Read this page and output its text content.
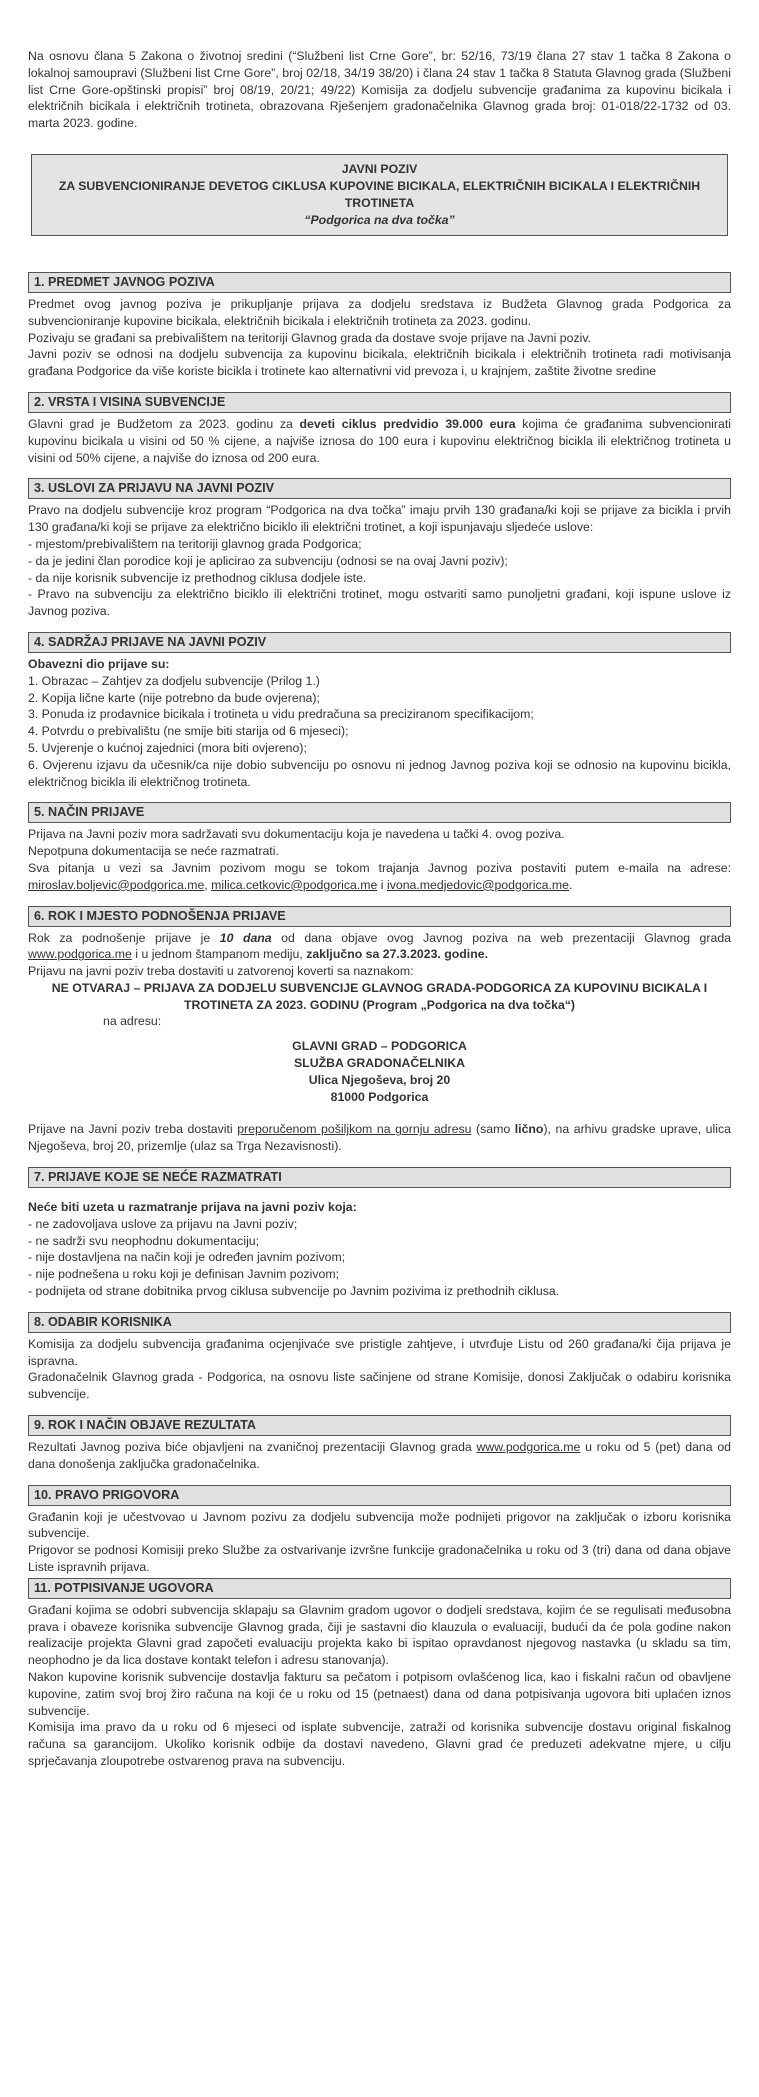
Na osnovu člana 5 Zakona o životnoj sredini (“Službeni list Crne Gore”, br: 52/16, 73/19 člana 27 stav 1 tačka 8 Zakona o lokalnoj samoupravi (Službeni list Crne Gore”, broj 02/18, 34/19 38/20) i člana 24 stav 1 tačka 8 Statuta Glavnog grada (Službeni list Crne Gore-opštinski propisi” broj 08/19, 20/21; 49/22) Komisija za dodjelu subvencije građanima za kupovinu bicikala i električnih bicikala i električnih trotineta, obrazovana Rješenjem gradonačelnika Glavnog grada broj: 01-018/22-1732 od 03. marta 2023. godine.

JAVNI POZIV
ZA SUBVENCIONIRANJE DEVETOG CIKLUSA KUPOVINE BICIKALA, ELEKTRIČNIH BICIKALA I ELEKTRIČNIH TROTINETA
“Podgorica na dva točka”
1. PREDMET JAVNOG POZIVA

Predmet ovog javnog poziva je prikupljanje prijava za dodjelu sredstava iz Budžeta Glavnog grada Podgorica za subvencioniranje kupovine bicikala, električnih bicikala i električnih trotineta za 2023. godinu.

Pozivaju se građani sa prebivalištem na teritoriji Glavnog grada da dostave svoje prijave na Javni poziv.

Javni poziv se odnosi na dodjelu subvencija za kupovinu bicikala, električnih bicikala i električnih trotineta radi motivisanja građana Podgorice da više koriste bicikla i trotinete kao alternativni vid prevoza i, u krajnjem, zaštite životne sredine

2. VRSTA I VISINA SUBVENCIJE

Glavni grad je Budžetom za 2023. godinu za deveti ciklus predvidio 39.000 eura kojima će građanima subvencionirati kupovinu bicikala u visini od 50 % cijene, a najviše iznosa do 100 eura i kupovinu električnog bicikla ili električnog trotineta u visini od 50% cijene, a najviše do iznosa od 200 eura.

3. USLOVI ZA PRIJAVU NA JAVNI POZIV

Pravo na dodjelu subvencije kroz program “Podgorica na dva točka” imaju prvih 130 građana/ki koji se prijave za bicikla i prvih 130 građana/ki koji se prijave za električno biciklo ili električni trotinet, a koji ispunjavaju sljedeće uslove:

- mjestom/prebivalištem na teritoriji glavnog grada Podgorica;

- da je jedini član porodice koji je aplicirao za subvenciju (odnosi se na ovaj Javni poziv);

- da nije korisnik subvencije iz prethodnog ciklusa dodjele iste.

- Pravo na subvenciju za električno biciklo ili električni trotinet, mogu ostvariti samo punoljetni građani, koji ispune uslove iz Javnog poziva.

4. SADRŽAJ PRIJAVE NA JAVNI POZIV

Obavezni dio prijave su:

1. Obrazac – Zahtjev za dodjelu subvencije (Prilog 1.)

2. Kopija lične karte (nije potrebno da bude ovjerena);

3. Ponuda iz prodavnice bicikala i trotineta u vidu predračuna sa preciziranom specifikacijom;

4. Potvrdu o prebivalištu (ne smije biti starija od 6 mjeseci);

5. Uvjerenje o kućnoj zajednici (mora biti ovjereno);

6. Ovjerenu izjavu da učesnik/ca nije dobio subvenciju po osnovu ni jednog Javnog poziva koji se odnosio na kupovinu bicikla, električnog bicikla ili električnog trotineta.

5. NAČIN PRIJAVE

Prijava na Javni poziv mora sadržavati svu dokumentaciju koja je navedena u tački 4. ovog poziva.

Nepotpuna dokumentacija se neće razmatrati.

Sva pitanja u vezi sa Javnim pozivom mogu se tokom trajanja Javnog poziva postaviti putem e-maila na adrese: miroslav.boljevic@podgorica.me, milica.cetkovic@podgorica.me i ivona.medjedovic@podgorica.me.

6. ROK I MJESTO PODNOŠENJA PRIJAVE

Rok za podnošenje prijave je 10 dana od dana objave ovog Javnog poziva na web prezentaciji Glavnog grada www.podgorica.me i u jednom štampanom mediju, zaključno sa 27.3.2023. godine.

Prijavu na javni poziv treba dostaviti u zatvorenoj koverti sa naznakom:

NE OTVARAJ – PRIJAVA ZA DODJELU SUBVENCIJE GLAVNOG GRADA-PODGORICA ZA KUPOVINU BICIKALA I TROTINETA ZA 2023. GODINU (Program „Podgorica na dva točka“)

na adresu:

GLAVNI GRAD – PODGORICA

SLUŽBA GRADONAČELNIKA

Ulica Njegoševa, broj 20

81000 Podgorica

Prijave na Javni poziv treba dostaviti preporučenom pošiljkom na gornju adresu (samo lično), na arhivu gradske uprave, ulica Njegoševa, broj 20, prizemlje (ulaz sa Trga Nezavisnosti).

7. PRIJAVE KOJE SE NEĆE RAZMATRATI

Neće biti uzeta u razmatranje prijava na javni poziv koja:

- ne zadovoljava uslove za prijavu na Javni poziv;

- ne sadrži svu neophodnu dokumentaciju;

- nije dostavljena na način koji je određen javnim pozivom;

- nije podnešena u roku koji je definisan Javnim pozivom;

- podnijeta od strane dobitnika prvog ciklusa subvencije po Javnim pozivima iz prethodnih ciklusa.

8. ODABIR KORISNIKA

Komisija za dodjelu subvencija građanima ocjenjivaće sve pristigle zahtjeve, i utvrđuje Listu od 260 građana/ki čija prijava je ispravna.

Gradonačelnik Glavnog grada - Podgorica, na osnovu liste sačinjene od strane Komisije, donosi Zaključak o odabiru korisnika subvencije.

9. ROK I NAČIN OBJAVE REZULTATA

Rezultati Javnog poziva biće objavljeni na zvaničnoj prezentaciji Glavnog grada www.podgorica.me u roku od 5 (pet) dana od dana donošenja zaključka gradonačelnika.

10. PRAVO PRIGOVORA

Građanin koji je učestvovao u Javnom pozivu za dodjelu subvencija može podnijeti prigovor na zaključak o izboru korisnika subvencije.

Prigovor se podnosi Komisiji preko Službe za ostvarivanje izvršne funkcije gradonačelnika u roku od 3 (tri) dana od dana objave Liste ispravnih prijava.

11. POTPISIVANJE UGOVORA

Građani kojima se odobri subvencija sklapaju sa Glavnim gradom ugovor o dodjeli sredstava, kojim će se regulisati međusobna prava i obaveze korisnika subvencije Glavnog grada, čiji je sastavni dio klauzula o evaluaciji, budući da će pola godine nakon realizacije projekta Glavni grad započeti evaluaciju projekta kako bi ispitao opravdanost njegovog nastavka (u skladu sa tim, neophodno je da lica dostave kontakt telefon i adresu stanovanja).

Nakon kupovine korisnik subvencije dostavlja fakturu sa pečatom i potpisom ovlašćenog lica, kao i fiskalni račun od obavljene kupovine, zatim svoj broj žiro računa na koji će u roku od 15 (petnaest) dana od dana potpisivanja ugovora biti uplaćen iznos subvencije.

Komisija ima pravo da u roku od 6 mjeseci od isplate subvencije, zatraži od korisnika subvencije dostavu original fiskalnog računa sa garancijom. Ukoliko korisnik odbije da dostavi navedeno, Glavni grad će preduzeti adekvatne mjere, u cilju sprječavanja zloupotrebe ostvarenog prava na subvenciju.
